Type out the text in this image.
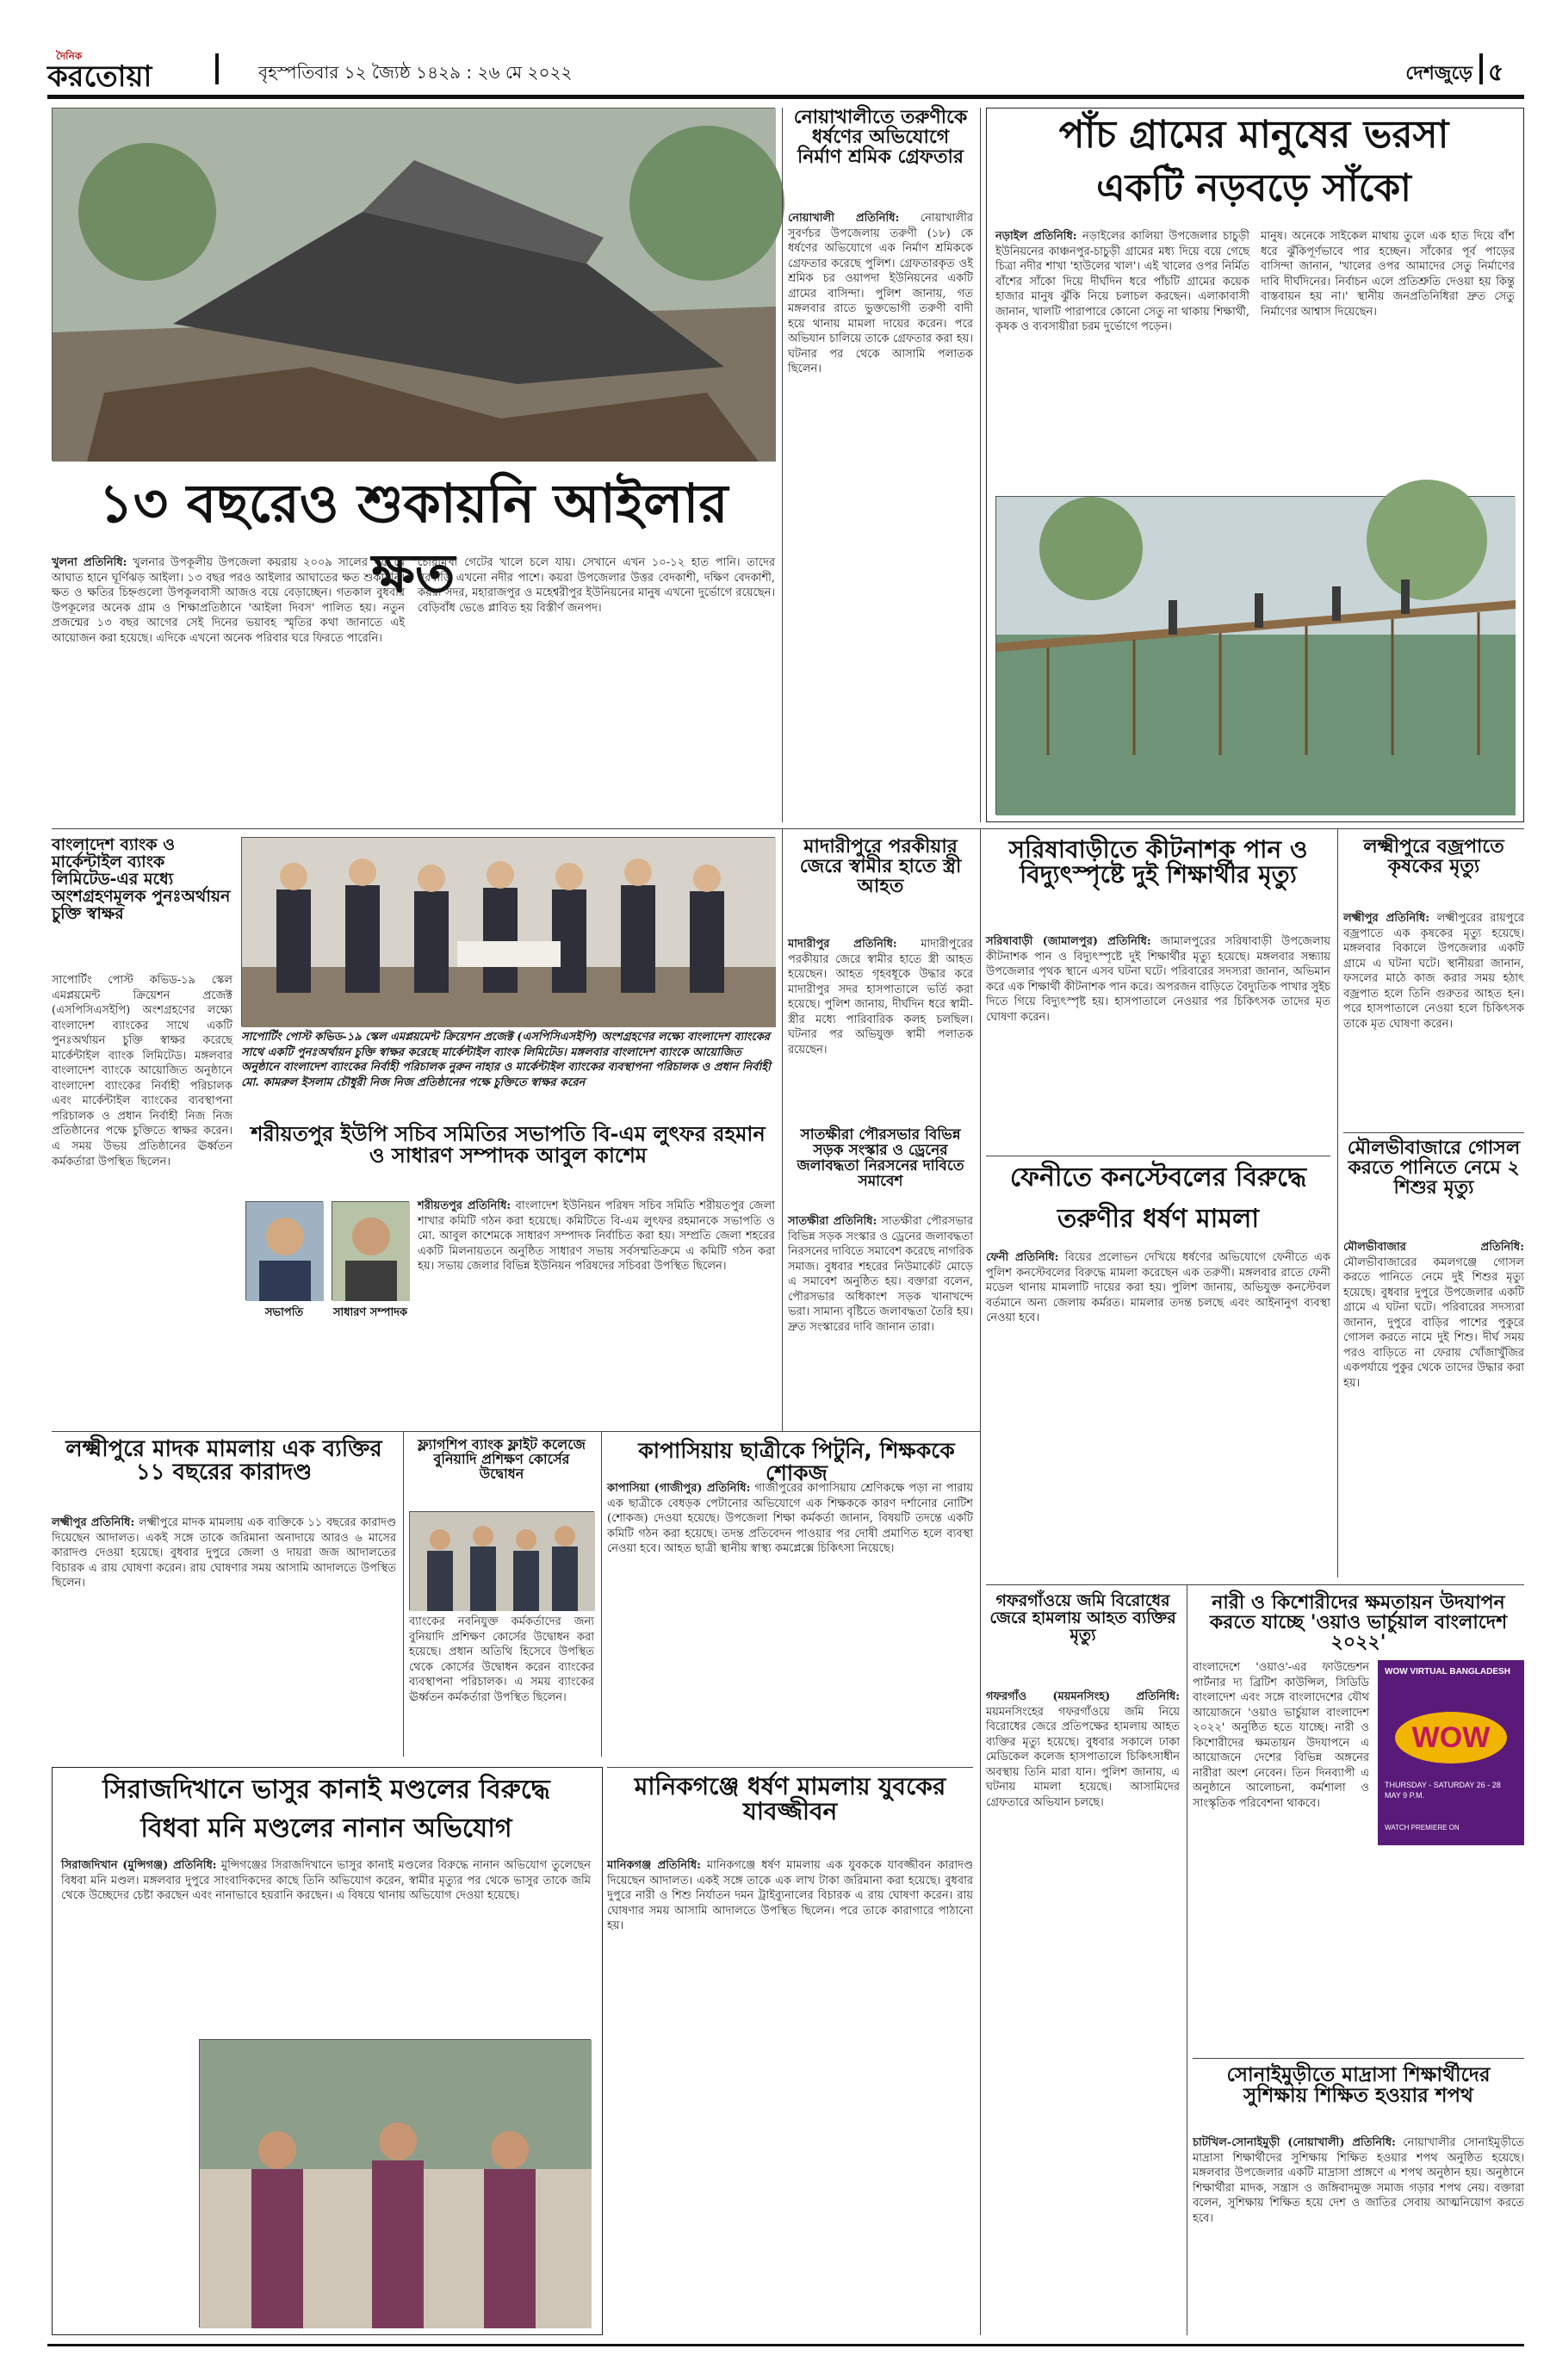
দৈনিক
করতোয়া	বৃহস্পতিবার ১২ জ্যৈষ্ঠ ১৪২৯ : ২৬ মে ২০২২	দেশজুড়ে ৫
১৩ বছরেও শুকায়নি আইলার ক্ষত

খুলনা প্রতিনিধি: খুলনার উপকূলীয় উপজেলা কয়রায় ২০০৯ সালের ২৫ মে আঘাত হানে ঘূর্ণিঝড় আইলা। ১৩ বছর পরও আইলার আঘাতের ক্ষত শুকায়নি। ক্ষত ও ক্ষতির চিহ্নগুলো উপকূলবাসী আজও বয়ে বেড়াচ্ছেন। গতকাল বুধবার উপকূলের অনেক গ্রাম ও শিক্ষাপ্রতিষ্ঠানে 'আইলা দিবস' পালিত হয়। নতুন প্রজন্মের ১৩ বছর আগের সেই দিনের ভয়াবহ স্মৃতির কথা জানাতে এই আয়োজন করা হয়েছে। এদিকে এখনো অনেক পরিবার ঘরে ফিরতে পারেনি।

চোরামুখা গেটের খালে চলে যায়। সেখানে এখন ১০-১২ হাত পানি। তাদের ঘরবাড়ি এখনো নদীর পাশে। কয়রা উপজেলার উত্তর বেদকাশী, দক্ষিণ বেদকাশী, কয়রা সদর, মহারাজপুর ও মহেশ্বরীপুর ইউনিয়নের মানুষ এখনো দুর্ভোগে রয়েছেন। বেড়িবাঁধ ভেঙে প্লাবিত হয় বিস্তীর্ণ জনপদ।

নোয়াখালীতে তরুণীকে ধর্ষণের অভিযোগে নির্মাণ শ্রমিক গ্রেফতার

নোয়াখালী প্রতিনিধি: নোয়াখালীর সুবর্ণচর উপজেলায় তরুণী (১৮) কে ধর্ষণের অভিযোগে এক নির্মাণ শ্রমিককে গ্রেফতার করেছে পুলিশ। গ্রেফতারকৃত ওই শ্রমিক চর ওয়াপদা ইউনিয়নের একটি গ্রামের বাসিন্দা। পুলিশ জানায়, গত মঙ্গলবার রাতে ভুক্তভোগী তরুণী বাদী হয়ে থানায় মামলা দায়ের করেন। পরে অভিযান চালিয়ে তাকে গ্রেফতার করা হয়। ঘটনার পর থেকে আসামি পলাতক ছিলেন।

পাঁচ গ্রামের মানুষের ভরসা
একটি নড়বড়ে সাঁকো

নড়াইল প্রতিনিধি: নড়াইলের কালিয়া উপজেলার চাচুড়ী ইউনিয়নের কাঞ্চনপুর-চাচুড়ী গ্রামের মধ্য দিয়ে বয়ে গেছে চিত্রা নদীর শাখা 'হাউলের খাল'। এই খালের ওপর নির্মিত বাঁশের সাঁকো দিয়ে দীর্ঘদিন ধরে পাঁচটি গ্রামের কয়েক হাজার মানুষ ঝুঁকি নিয়ে চলাচল করছেন। এলাকাবাসী জানান, খালটি পারাপারে কোনো সেতু না থাকায় শিক্ষার্থী, কৃষক ও ব্যবসায়ীরা চরম দুর্ভোগে পড়েন।

মানুষ। অনেকে সাইকেল মাথায় তুলে এক হাত দিয়ে বাঁশ ধরে ঝুঁকিপূর্ণভাবে পার হচ্ছেন। সাঁকোর পূর্ব পাড়ের বাসিন্দা জানান, 'খালের ওপর আমাদের সেতু নির্মাণের দাবি দীর্ঘদিনের। নির্বাচন এলে প্রতিশ্রুতি দেওয়া হয় কিন্তু বাস্তবায়ন হয় না।' স্থানীয় জনপ্রতিনিধিরা দ্রুত সেতু নির্মাণের আশ্বাস দিয়েছেন।

বাংলাদেশ ব্যাংক ও মার্কেন্টাইল ব্যাংক লিমিটেড-এর মধ্যে অংশগ্রহণমূলক পুনঃঅর্থায়ন চুক্তি স্বাক্ষর

সাপোর্টিং পোস্ট কভিড-১৯ স্কেল এমপ্লয়মেন্ট ক্রিয়েশন প্রজেক্ট (এসপিসিএসইপি) অংশগ্রহণের লক্ষ্যে বাংলাদেশ ব্যাংকের সাথে একটি পুনঃঅর্থায়ন চুক্তি স্বাক্ষর করেছে মার্কেন্টাইল ব্যাংক লিমিটেড। মঙ্গলবার বাংলাদেশ ব্যাংকে আয়োজিত অনুষ্ঠানে বাংলাদেশ ব্যাংকের নির্বাহী পরিচালক এবং মার্কেন্টাইল ব্যাংকের ব্যবস্থাপনা পরিচালক ও প্রধান নির্বাহী নিজ নিজ প্রতিষ্ঠানের পক্ষে চুক্তিতে স্বাক্ষর করেন। এ সময় উভয় প্রতিষ্ঠানের ঊর্ধ্বতন কর্মকর্তারা উপস্থিত ছিলেন।

সাপোর্টিং পোস্ট কভিড-১৯ স্কেল এমপ্লয়মেন্ট ক্রিয়েশন প্রজেক্ট (এসপিসিএসইপি) অংশগ্রহণের লক্ষ্যে বাংলাদেশ ব্যাংকের সাথে একটি পুনঃঅর্থায়ন চুক্তি স্বাক্ষর করেছে মার্কেন্টাইল ব্যাংক লিমিটেড। মঙ্গলবার বাংলাদেশ ব্যাংকে আয়োজিত অনুষ্ঠানে বাংলাদেশ ব্যাংকের নির্বাহী পরিচালক নুরুন নাহার ও মার্কেন্টাইল ব্যাংকের ব্যবস্থাপনা পরিচালক ও প্রধান নির্বাহী মো. কামরুল ইসলাম চৌধুরী নিজ নিজ প্রতিষ্ঠানের পক্ষে চুক্তিতে স্বাক্ষর করেন
শরীয়তপুর ইউপি সচিব সমিতির সভাপতি বি-এম লুৎফর রহমান ও সাধারণ সম্পাদক আবুল কাশেম
সভাপতি	সাধারণ সম্পাদক

শরীয়তপুর প্রতিনিধি: বাংলাদেশ ইউনিয়ন পরিষদ সচিব সমিতি শরীয়তপুর জেলা শাখার কমিটি গঠন করা হয়েছে। কমিটিতে বি-এম লুৎফর রহমানকে সভাপতি ও মো. আবুল কাশেমকে সাধারণ সম্পাদক নির্বাচিত করা হয়। সম্প্রতি জেলা শহরের একটি মিলনায়তনে অনুষ্ঠিত সাধারণ সভায় সর্বসম্মতিক্রমে এ কমিটি গঠন করা হয়। সভায় জেলার বিভিন্ন ইউনিয়ন পরিষদের সচিবরা উপস্থিত ছিলেন।

মাদারীপুরে পরকীয়ার জেরে স্বামীর হাতে স্ত্রী আহত

মাদারীপুর প্রতিনিধি: মাদারীপুরের পরকীয়ার জেরে স্বামীর হাতে স্ত্রী আহত হয়েছেন। আহত গৃহবধূকে উদ্ধার করে মাদারীপুর সদর হাসপাতালে ভর্তি করা হয়েছে। পুলিশ জানায়, দীর্ঘদিন ধরে স্বামী-স্ত্রীর মধ্যে পারিবারিক কলহ চলছিল। ঘটনার পর অভিযুক্ত স্বামী পলাতক রয়েছেন।

সাতক্ষীরা পৌরসভার বিভিন্ন সড়ক সংস্কার ও ড্রেনের জলাবদ্ধতা নিরসনের দাবিতে সমাবেশ

সাতক্ষীরা প্রতিনিধি: সাতক্ষীরা পৌরসভার বিভিন্ন সড়ক সংস্কার ও ড্রেনের জলাবদ্ধতা নিরসনের দাবিতে সমাবেশ করেছে নাগরিক সমাজ। বুধবার শহরের নিউমার্কেট মোড়ে এ সমাবেশ অনুষ্ঠিত হয়। বক্তারা বলেন, পৌরসভার অধিকাংশ সড়ক খানাখন্দে ভরা। সামান্য বৃষ্টিতে জলাবদ্ধতা তৈরি হয়। দ্রুত সংস্কারের দাবি জানান তারা।

সরিষাবাড়ীতে কীটনাশক পান ও বিদ্যুৎস্পৃষ্টে দুই শিক্ষার্থীর মৃত্যু

সরিষাবাড়ী (জামালপুর) প্রতিনিধি: জামালপুরের সরিষাবাড়ী উপজেলায় কীটনাশক পান ও বিদ্যুৎস্পৃষ্টে দুই শিক্ষার্থীর মৃত্যু হয়েছে। মঙ্গলবার সন্ধ্যায় উপজেলার পৃথক স্থানে এসব ঘটনা ঘটে। পরিবারের সদস্যরা জানান, অভিমান করে এক শিক্ষার্থী কীটনাশক পান করে। অপরজন বাড়িতে বৈদ্যুতিক পাখার সুইচ দিতে গিয়ে বিদ্যুৎস্পৃষ্ট হয়। হাসপাতালে নেওয়ার পর চিকিৎসক তাদের মৃত ঘোষণা করেন।

লক্ষ্মীপুরে বজ্রপাতে কৃষকের মৃত্যু

লক্ষ্মীপুর প্রতিনিধি: লক্ষ্মীপুরের রায়পুরে বজ্রপাতে এক কৃষকের মৃত্যু হয়েছে। মঙ্গলবার বিকালে উপজেলার একটি গ্রামে এ ঘটনা ঘটে। স্থানীয়রা জানান, ফসলের মাঠে কাজ করার সময় হঠাৎ বজ্রপাত হলে তিনি গুরুতর আহত হন। পরে হাসপাতালে নেওয়া হলে চিকিৎসক তাকে মৃত ঘোষণা করেন।

মৌলভীবাজারে গোসল করতে পানিতে নেমে ২ শিশুর মৃত্যু

মৌলভীবাজার প্রতিনিধি: মৌলভীবাজারের কমলগঞ্জে গোসল করতে পানিতে নেমে দুই শিশুর মৃত্যু হয়েছে। বুধবার দুপুরে উপজেলার একটি গ্রামে এ ঘটনা ঘটে। পরিবারের সদস্যরা জানান, দুপুরে বাড়ির পাশের পুকুরে গোসল করতে নামে দুই শিশু। দীর্ঘ সময় পরও বাড়িতে না ফেরায় খোঁজাখুঁজির একপর্যায়ে পুকুর থেকে তাদের উদ্ধার করা হয়।

ফেনীতে কনস্টেবলের বিরুদ্ধে
তরুণীর ধর্ষণ মামলা

ফেনী প্রতিনিধি: বিয়ের প্রলোভন দেখিয়ে ধর্ষণের অভিযোগে ফেনীতে এক পুলিশ কনস্টেবলের বিরুদ্ধে মামলা করেছেন এক তরুণী। মঙ্গলবার রাতে ফেনী মডেল থানায় মামলাটি দায়ের করা হয়। পুলিশ জানায়, অভিযুক্ত কনস্টেবল বর্তমানে অন্য জেলায় কর্মরত। মামলার তদন্ত চলছে এবং আইনানুগ ব্যবস্থা নেওয়া হবে।

লক্ষ্মীপুরে মাদক মামলায় এক ব্যক্তির ১১ বছরের কারাদণ্ড

লক্ষ্মীপুর প্রতিনিধি: লক্ষ্মীপুরে মাদক মামলায় এক ব্যক্তিকে ১১ বছরের কারাদণ্ড দিয়েছেন আদালত। একই সঙ্গে তাকে জরিমানা অনাদায়ে আরও ৬ মাসের কারাদণ্ড দেওয়া হয়েছে। বুধবার দুপুরে জেলা ও দায়রা জজ আদালতের বিচারক এ রায় ঘোষণা করেন। রায় ঘোষণার সময় আসামি আদালতে উপস্থিত ছিলেন।

ফ্ল্যাগশিপ ব্যাংক ফ্লাইট কলেজে বুনিয়াদি প্রশিক্ষণ কোর্সের উদ্বোধন

ব্যাংকের নবনিযুক্ত কর্মকর্তাদের জন্য বুনিয়াদি প্রশিক্ষণ কোর্সের উদ্বোধন করা হয়েছে। প্রধান অতিথি হিসেবে উপস্থিত থেকে কোর্সের উদ্বোধন করেন ব্যাংকের ব্যবস্থাপনা পরিচালক। এ সময় ব্যাংকের ঊর্ধ্বতন কর্মকর্তারা উপস্থিত ছিলেন।

কাপাসিয়ায় ছাত্রীকে পিটুনি, শিক্ষককে শোকজ

কাপাসিয়া (গাজীপুর) প্রতিনিধি: গাজীপুরের কাপাসিয়ায় শ্রেণিকক্ষে পড়া না পারায় এক ছাত্রীকে বেধড়ক পেটানোর অভিযোগে এক শিক্ষককে কারণ দর্শানোর নোটিশ (শোকজ) দেওয়া হয়েছে। উপজেলা শিক্ষা কর্মকর্তা জানান, বিষয়টি তদন্তে একটি কমিটি গঠন করা হয়েছে। তদন্ত প্রতিবেদন পাওয়ার পর দোষী প্রমাণিত হলে ব্যবস্থা নেওয়া হবে। আহত ছাত্রী স্থানীয় স্বাস্থ্য কমপ্লেক্সে চিকিৎসা নিয়েছে।

গফরগাঁওয়ে জমি বিরোধের জেরে হামলায় আহত ব্যক্তির মৃত্যু

গফরগাঁও (ময়মনসিংহ) প্রতিনিধি: ময়মনসিংহের গফরগাঁওয়ে জমি নিয়ে বিরোধের জেরে প্রতিপক্ষের হামলায় আহত ব্যক্তির মৃত্যু হয়েছে। বুধবার সকালে ঢাকা মেডিকেল কলেজ হাসপাতালে চিকিৎসাধীন অবস্থায় তিনি মারা যান। পুলিশ জানায়, এ ঘটনায় মামলা হয়েছে। আসামিদের গ্রেফতারে অভিযান চলছে।

নারী ও কিশোরীদের ক্ষমতায়ন উদযাপন করতে যাচ্ছে 'ওয়াও ভার্চুয়াল বাংলাদেশ ২০২২'

বাংলাদেশে 'ওয়াও'-এর ফাউন্ডেশন পার্টনার দ্য ব্রিটিশ কাউন্সিল, সিডিডি বাংলাদেশ এবং সঙ্গে বাংলাদেশের যৌথ আয়োজনে 'ওয়াও ভার্চুয়াল বাংলাদেশ ২০২২' অনুষ্ঠিত হতে যাচ্ছে। নারী ও কিশোরীদের ক্ষমতায়ন উদযাপনে এ আয়োজনে দেশের বিভিন্ন অঙ্গনের নারীরা অংশ নেবেন। তিন দিনব্যাপী এ অনুষ্ঠানে আলোচনা, কর্মশালা ও সাংস্কৃতিক পরিবেশনা থাকবে।

WOW VIRTUAL BANGLADESH
WOW
THURSDAY - SATURDAY 26 - 28 MAY 9 P.M.
WATCH PREMIERE ON
সোনাইমুড়ীতে মাদ্রাসা শিক্ষার্থীদের সুশিক্ষায় শিক্ষিত হওয়ার শপথ

চাটখিল-সোনাইমুড়ী (নোয়াখালী) প্রতিনিধি: নোয়াখালীর সোনাইমুড়ীতে মাদ্রাসা শিক্ষার্থীদের সুশিক্ষায় শিক্ষিত হওয়ার শপথ অনুষ্ঠিত হয়েছে। মঙ্গলবার উপজেলার একটি মাদ্রাসা প্রাঙ্গণে এ শপথ অনুষ্ঠান হয়। অনুষ্ঠানে শিক্ষার্থীরা মাদক, সন্ত্রাস ও জঙ্গিবাদমুক্ত সমাজ গড়ার শপথ নেয়। বক্তারা বলেন, সুশিক্ষায় শিক্ষিত হয়ে দেশ ও জাতির সেবায় আত্মনিয়োগ করতে হবে।

সিরাজদিখানে ভাসুর কানাই মণ্ডলের বিরুদ্ধে
বিধবা মনি মণ্ডলের নানান অভিযোগ

সিরাজদিখান (মুন্সিগঞ্জ) প্রতিনিধি: মুন্সিগঞ্জের সিরাজদিখানে ভাসুর কানাই মণ্ডলের বিরুদ্ধে নানান অভিযোগ তুলেছেন বিধবা মনি মণ্ডল। মঙ্গলবার দুপুরে সাংবাদিকদের কাছে তিনি অভিযোগ করেন, স্বামীর মৃত্যুর পর থেকে ভাসুর তাকে জমি থেকে উচ্ছেদের চেষ্টা করছেন এবং নানাভাবে হয়রানি করছেন। এ বিষয়ে থানায় অভিযোগ দেওয়া হয়েছে।

মানিকগঞ্জে ধর্ষণ মামলায় যুবকের যাবজ্জীবন

মানিকগঞ্জ প্রতিনিধি: মানিকগঞ্জে ধর্ষণ মামলায় এক যুবককে যাবজ্জীবন কারাদণ্ড দিয়েছেন আদালত। একই সঙ্গে তাকে এক লাখ টাকা জরিমানা করা হয়েছে। বুধবার দুপুরে নারী ও শিশু নির্যাতন দমন ট্রাইব্যুনালের বিচারক এ রায় ঘোষণা করেন। রায় ঘোষণার সময় আসামি আদালতে উপস্থিত ছিলেন। পরে তাকে কারাগারে পাঠানো হয়।
